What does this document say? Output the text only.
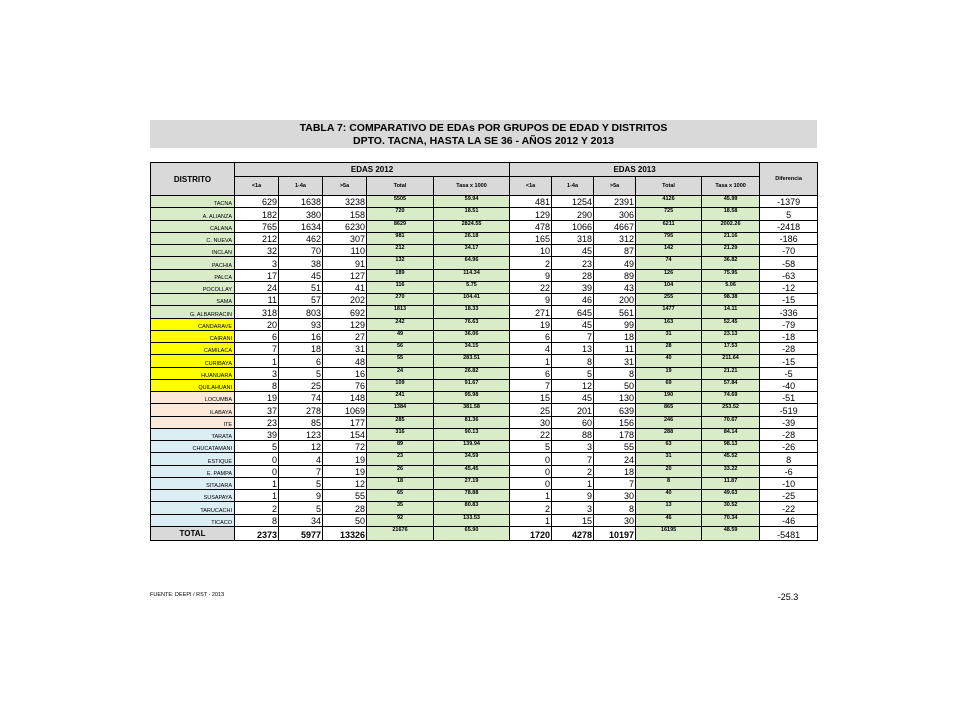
TABLA 7: COMPARATIVO DE EDAs POR GRUPOS DE EDAD Y DISTRITOS
DPTO. TACNA, HASTA LA SE 36 - AÑOS 2012 Y 2013
DISTRITO	EDAS 2012					EDAS 2013					Diferencia
	<1a	1-4a	>5a	Total	Tasa x 1000	<1a	1-4a	>5a	Total	Tasa x 1000	
TACNA	629	1638	3238	5505	59.94	481	1254	2391	4126	45.99	-1379
A. ALIANZA	182	380	158	720	18.51	129	290	306	725	18.58	5
CALANA	765	1634	6230	8629	2824.55	478	1066	4667	6211	2002.26	-2418
C. NUEVA	212	462	307	981	26.18	165	318	312	795	21.16	-186
INCLAN	32	70	110	212	34.17	10	45	87	142	21.29	-70
PACHIA	3	38	91	132	64.96	2	23	49	74	36.82	-58
PALCA	17	45	127	189	114.34	9	28	89	126	75.95	-63
POCOLLAY	24	51	41	116	5.75	22	39	43	104	5.06	-12
SAMA	11	57	202	270	104.41	9	46	200	255	98.38	-15
G. ALBARRACIN	318	803	692	1813	18.33	271	645	561	1477	14.11	-336
CANDARAVE	20	93	129	242	76.63	19	45	99	163	52.45	-79
CAIRANI	6	16	27	49	36.06	6	7	18	31	23.13	-18
CAMILACA	7	18	31	56	34.15	4	13	11	28	17.53	-28
CURIBAYA	1	6	48	55	283.51	1	8	31	40	211.64	-15
HUANUARA	3	5	16	24	26.82	6	5	8	19	21.21	-5
QUILAHUANI	8	25	76	109	91.67	7	12	50	69	57.84	-40
LOCUMBA	19	74	148	241	95.98	15	45	130	190	74.69	-51
ILABAYA	37	278	1069	1384	381.58	25	201	639	865	253.52	-519
ITE	23	85	177	285	81.36	30	60	156	246	70.67	-39
TARATA	39	123	154	316	90.13	22	88	178	288	84.14	-28
CHUCATAMANI	5	12	72	89	139.94	5	3	55	63	98.13	-26
ESTIQUE	0	4	19	23	34.59	0	7	24	31	45.52	8
E. PAMPA	0	7	19	26	45.45	0	2	18	20	33.22	-6
SITAJARA	1	5	12	18	27.19	0	1	7	8	11.87	-10
SUSAPAYA	1	9	55	65	78.88	1	9	30	40	49.63	-25
TARUCACHI	2	5	28	35	80.83	2	3	8	13	30.52	-22
TICACO	8	34	50	92	133.53	1	15	30	46	70.34	-46
TOTAL	2373	5977	13326	21676	65.90	1720	4278	10197	16195	48.59	-5481
FUENTE: DEEPI / RST - 2013	-25.3
